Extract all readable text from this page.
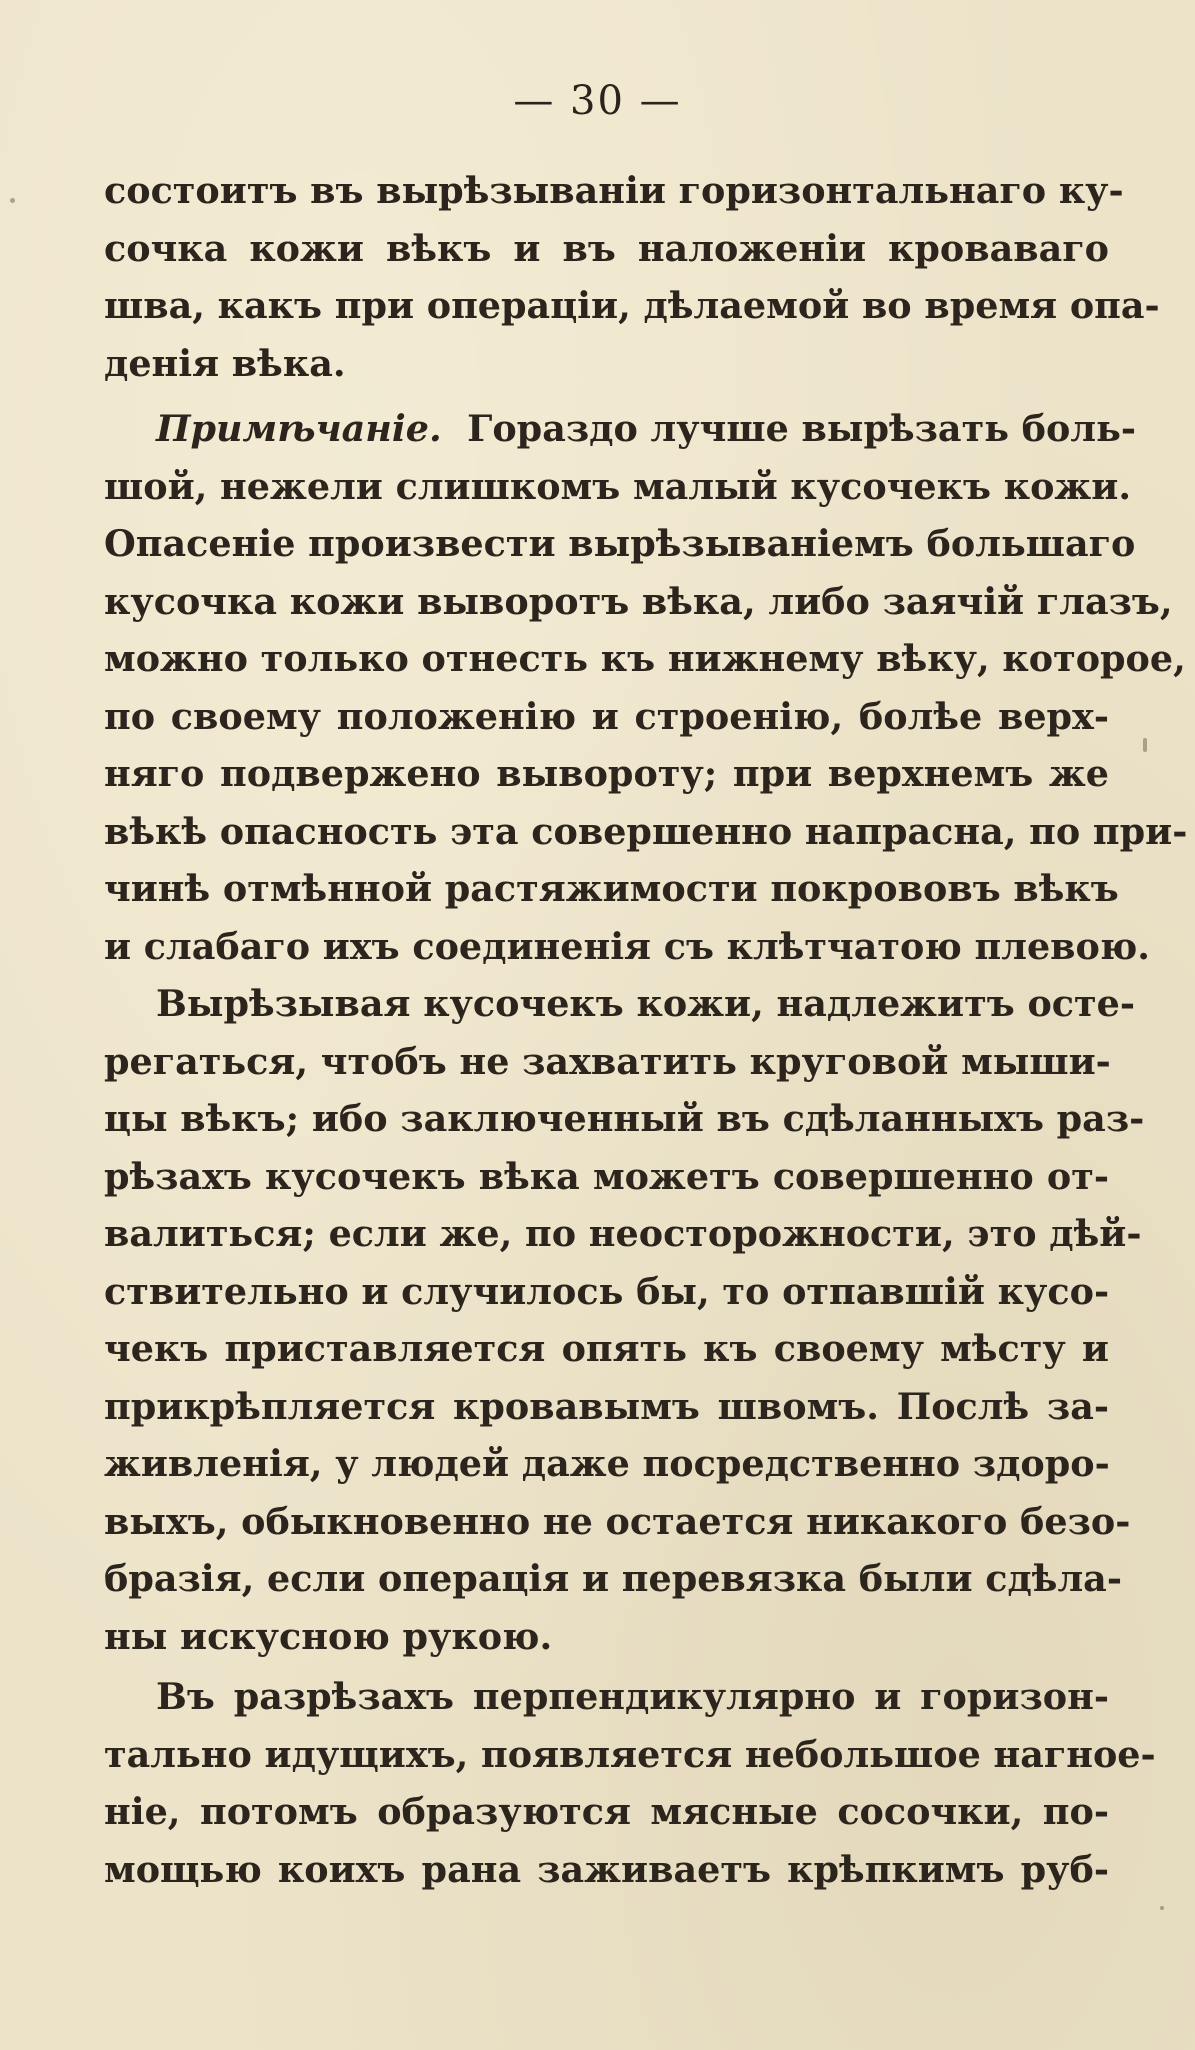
— 30 —
состоитъ въ вырѣзываніи горизонтальнаго ку-
сочка кожи вѣкъ и въ наложеніи кроваваго
шва, какъ при операціи, дѣлаемой во время опа-
денія вѣка.
Примѣчаніе. Гораздо лучше вырѣзать боль-
шой, нежели слишкомъ малый кусочекъ кожи.
Опасеніе произвести вырѣзываніемъ большаго
кусочка кожи выворотъ вѣка, либо заячій глазъ,
можно только отнесть къ нижнему вѣку, которое,
по своему положенію и строенію, болѣе верх-
няго подвержено вывороту; при верхнемъ же
вѣкѣ опасность эта совершенно напрасна, по при-
чинѣ отмѣнной растяжимости покрововъ вѣкъ
и слабаго ихъ соединенія съ клѣтчатою плевою.
Вырѣзывая кусочекъ кожи, надлежитъ осте-
регаться, чтобъ не захватить круговой мыши-
цы вѣкъ; ибо заключенный въ сдѣланныхъ раз-
рѣзахъ кусочекъ вѣка можетъ совершенно от-
валиться; если же, по неосторожности, это дѣй-
ствительно и случилось бы, то отпавшій кусо-
чекъ приставляется опять къ своему мѣсту и
прикрѣпляется кровавымъ швомъ. Послѣ за-
живленія, у людей даже посредственно здоро-
выхъ, обыкновенно не остается никакого безо-
бразія, если операція и перевязка были сдѣла-
ны искусною рукою.
Въ разрѣзахъ перпендикулярно и горизон-
тально идущихъ, появляется небольшое нагное-
ніе, потомъ образуются мясные сосочки, по-
мощью коихъ рана заживаетъ крѣпкимъ руб-
